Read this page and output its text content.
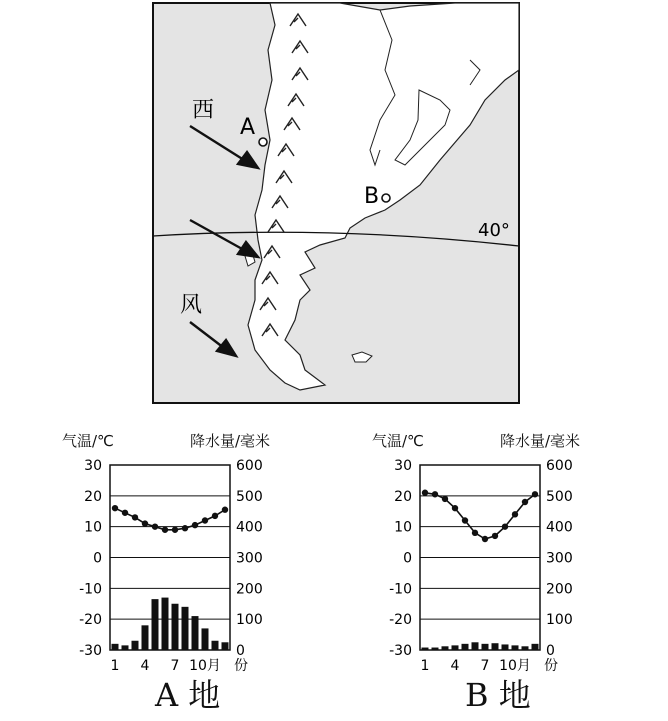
40°
西
风
A
B
气温/℃	降水量/毫米
30	600
20	500
10	400
0	300
-10	200
-20	100
-30	0
1 4 7 10月 份
A 地
气温/℃	降水量/毫米
30	600
20	500
10	400
0	300
-10	200
-20	100
-30	0
1 4 7 10月 份
B 地
